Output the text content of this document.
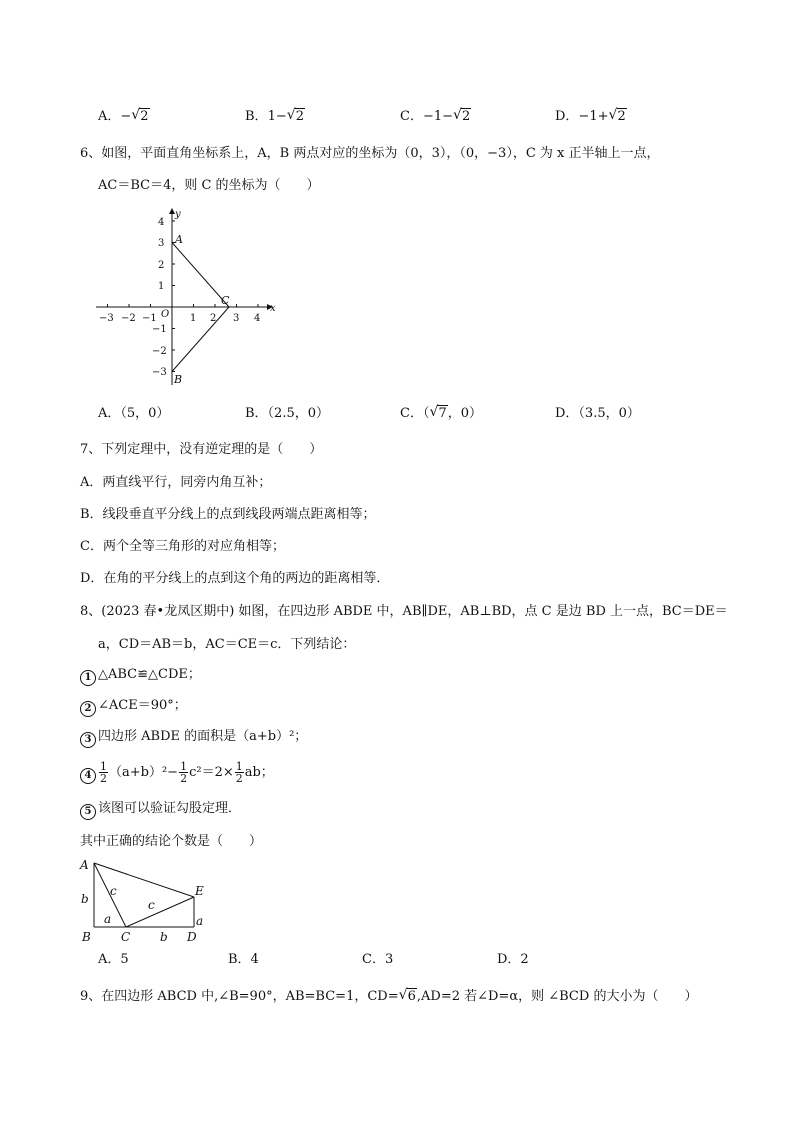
A．− √ 2	B．1− √ 2	C．−1− √ 2	D．−1+ √ 2
6、如图，平面直角坐标系上，A，B 两点对应的坐标为（0，3），（0，−3），C 为 x 正半轴上一点，
AC＝BC＝4，则 C 的坐标为（　　）
−3 −2 −1	1 2 3 4
4
3
2
1
−1
−2
−3
O
x
y
A
B
C
A．（5，0）	B．（2.5，0）	C．（ √ 7，0）	D．（3.5，0）
7、下列定理中，没有逆定理的是（　　）
A．两直线平行，同旁内角互补；
B．线段垂直平分线上的点到线段两端点距离相等；
C．两个全等三角形的对应角相等；
D．在角的平分线上的点到这个角的两边的距离相等．
8、(2023 春•龙凤区期中) 如图，在四边形 ABDE 中，AB∥DE，AB⊥BD，点 C 是边 BD 上一点，BC＝DE＝
a，CD＝AB＝b，AC＝CE＝c．下列结论：
1 △ABC≌△CDE；
2 ∠ACE＝90°；
3 四边形 ABDE 的面积是（a+b）²；
$4 \frac{1}{2} (a+b)^2- \frac{1}{2} c^2=2\times \frac{1}{2}$ ab；
5 该图可以验证勾股定理．
其中正确的结论个数是（　　）
A
B	C	D
E
b
a
c
c
b
a
A．5	B．4	C．3	D．2
9、在四边形 ABCD 中,∠B=90°，AB=BC=1，CD= √ 6,AD=2 若∠D=α，则 ∠BCD 的大小为（　　）
